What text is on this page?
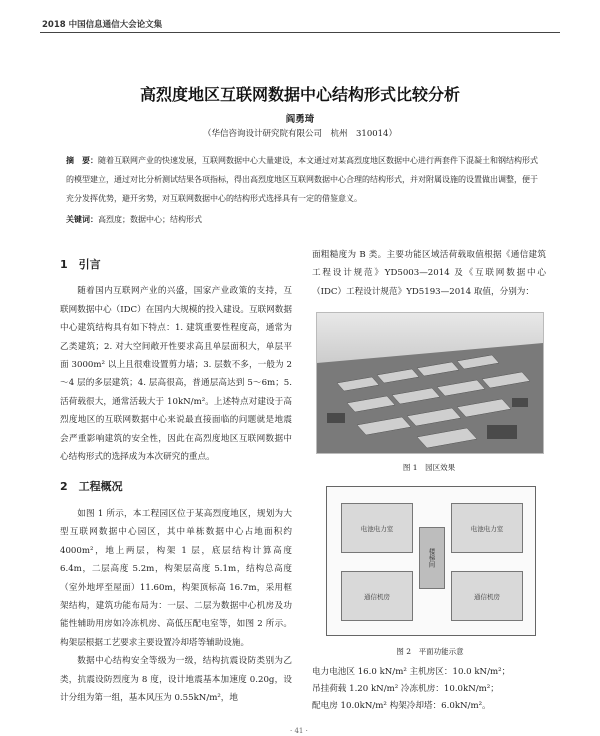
2018 中国信息通信大会论文集
高烈度地区互联网数据中心结构形式比较分析
阎勇琦
（华信咨询设计研究院有限公司　杭州　310014）
摘　要：随着互联网产业的快速发展，互联网数据中心大量建设，本文通过对某高烈度地区数据中心进行两套件下混凝土和钢结构形式的模型建立，通过对比分析测试结果各项指标，得出高烈度地区互联网数据中心合理的结构形式，并对附属设施的设置做出调整，便于充分发挥优势，避开劣势，对互联网数据中心的结构形式选择具有一定的借鉴意义。
关键词：高烈度；数据中心；结构形式
1　引言

随着国内互联网产业的兴盛，国家产业政策的支持，互联网数据中心（IDC）在国内大规模的投入建设。互联网数据中心建筑结构具有如下特点：1. 建筑重要性程度高，通常为乙类建筑；2. 对大空间敞开性要求高且单层面积大，单层平面 3000m² 以上且很难设置剪力墙；3. 层数不多，一般为 2～4 层的多层建筑；4. 层高很高，普通层高达到 5～6m；5. 活荷载很大，通常活载大于 10kN/m²。上述特点对建设于高烈度地区的互联网数据中心来说最直接面临的问题就是地震会严重影响建筑的安全性，因此在高烈度地区互联网数据中心结构形式的选择成为本次研究的重点。

2　工程概况

如图 1 所示，本工程园区位于某高烈度地区，规划为大型互联网数据中心园区，其中单栋数据中心占地面积约 4000m²，地上两层，构架 1 层，底层结构计算高度 6.4m，二层高度 5.2m，构架层高度 5.1m，结构总高度（室外地坪至屋面）11.60m，构架顶标高 16.7m，采用框架结构，建筑功能布局为：一层、二层为数据中心机房及功能性辅助用房如冷冻机房、高低压配电室等，如图 2 所示。构架层根据工艺要求主要设置冷却塔等辅助设施。

数据中心结构安全等级为一级，结构抗震设防类别为乙类，抗震设防烈度为 8 度，设计地震基本加速度 0.20g，设计分组为第一组，基本风压为 0.55kN/m²，地

面粗糙度为 B 类。主要功能区域活荷载取值根据《通信建筑工程设计规范》YD5003—2014 及《互联网数据中心（IDC）工程设计规范》YD5193—2014 取值，分别为：

图 1　园区效果
电池电力室	电池电力室
通信机房	通信机房
楼梯间
图 2　平面功能示意
电力电池区 16.0 kN/m² 主机房区：10.0 kN/m²；
吊挂荷载 1.20 kN/m² 冷冻机房：10.0kN/m²；
配电房 10.0kN/m² 构架冷却塔：6.0kN/m²。
· 41 ·
